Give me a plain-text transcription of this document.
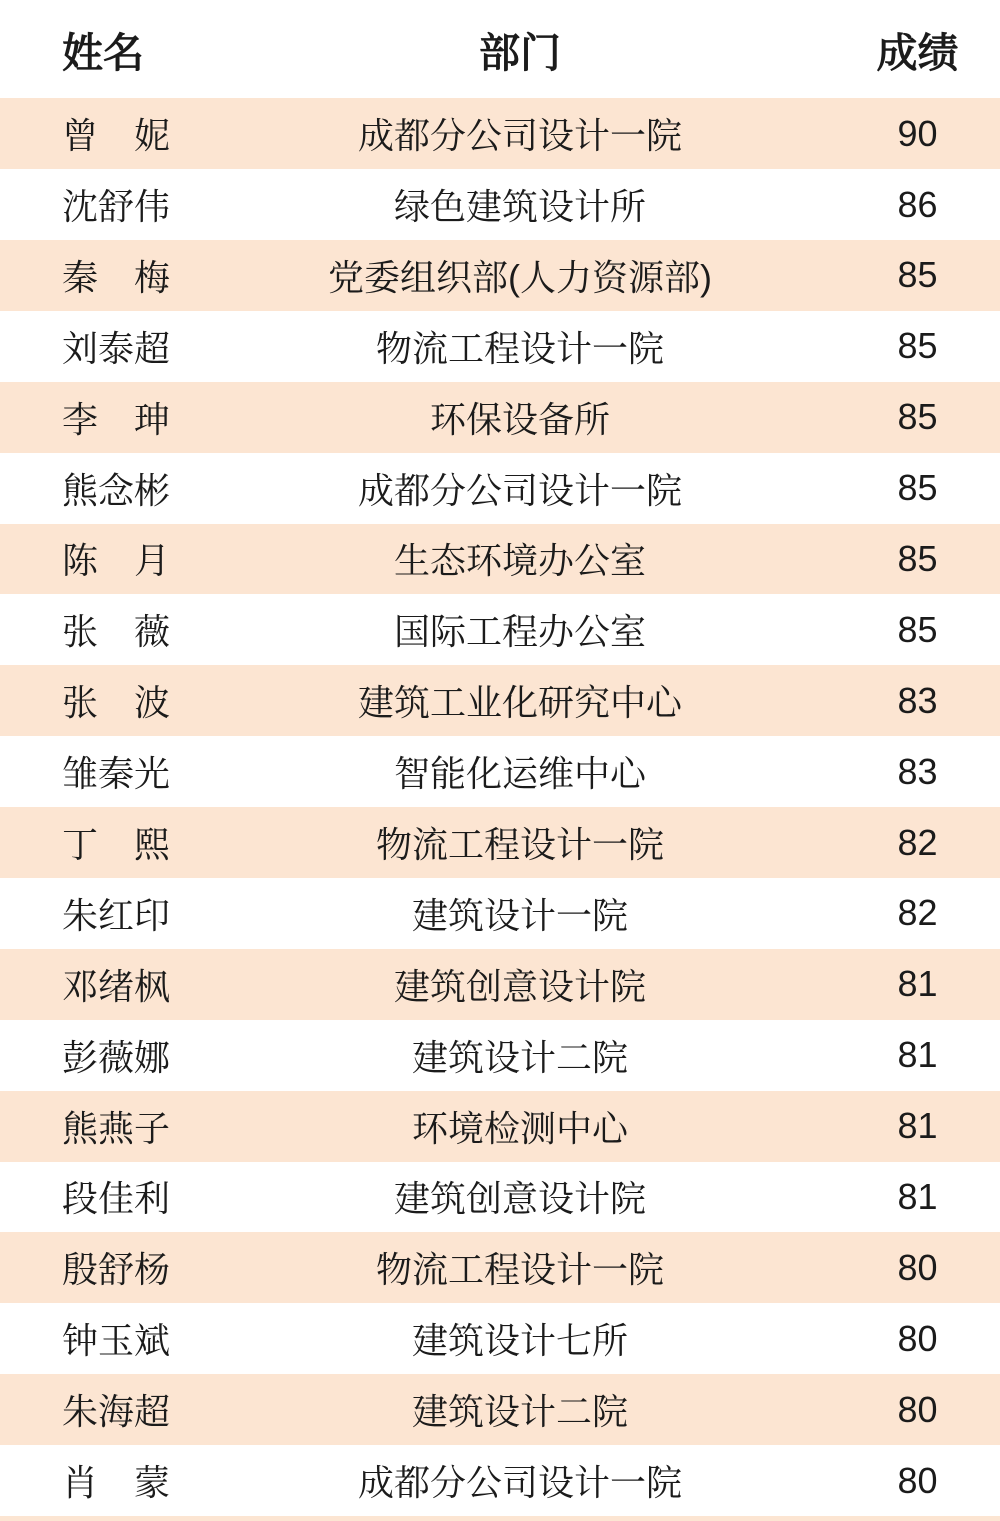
姓名	部门	成绩
曾　妮	成都分公司设计一院	90
沈舒伟	绿色建筑设计所	86
秦　梅	党委组织部(人力资源部)	85
刘泰超	物流工程设计一院	85
李　珅	环保设备所	85
熊念彬	成都分公司设计一院	85
陈　月	生态环境办公室	85
张　薇	国际工程办公室	85
张　波	建筑工业化研究中心	83
雏秦光	智能化运维中心	83
丁　熙	物流工程设计一院	82
朱红印	建筑设计一院	82
邓绪枫	建筑创意设计院	81
彭薇娜	建筑设计二院	81
熊燕子	环境检测中心	81
段佳利	建筑创意设计院	81
殷舒杨	物流工程设计一院	80
钟玉斌	建筑设计七所	80
朱海超	建筑设计二院	80
肖　蒙	成都分公司设计一院	80
